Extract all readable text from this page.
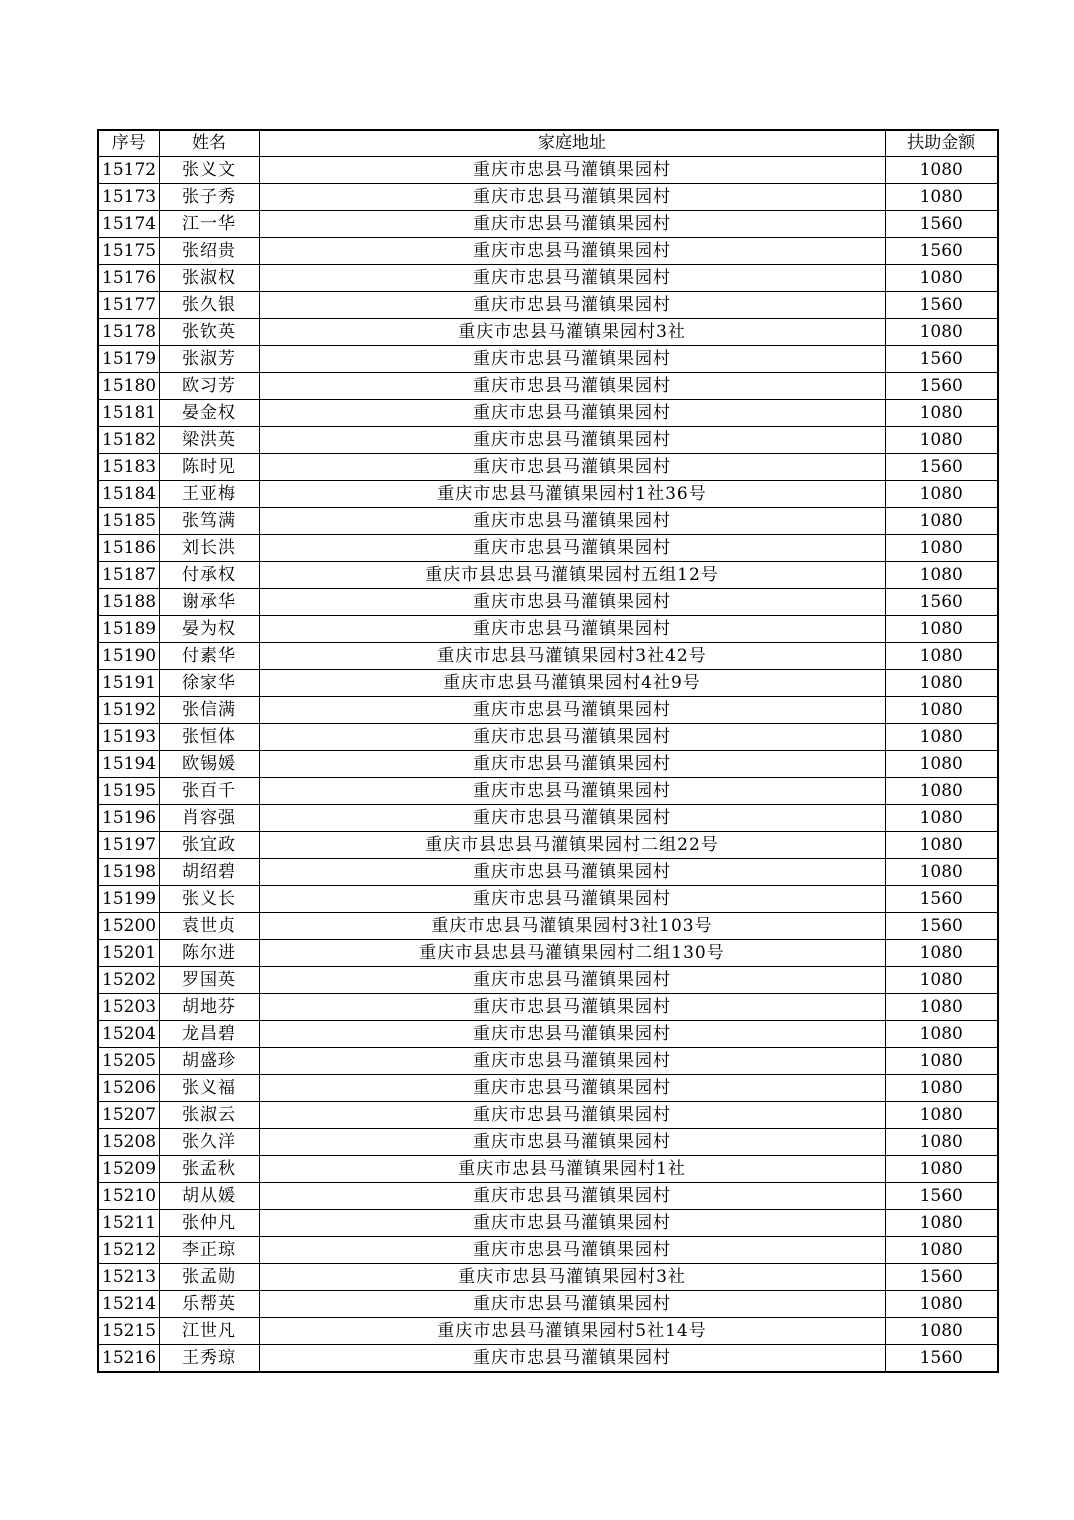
序号	姓名	家庭地址	扶助金额
15172	张义文	重庆市忠县马灌镇果园村	1080
15173	张子秀	重庆市忠县马灌镇果园村	1080
15174	江一华	重庆市忠县马灌镇果园村	1560
15175	张绍贵	重庆市忠县马灌镇果园村	1560
15176	张淑权	重庆市忠县马灌镇果园村	1080
15177	张久银	重庆市忠县马灌镇果园村	1560
15178	张钦英	重庆市忠县马灌镇果园村3社	1080
15179	张淑芳	重庆市忠县马灌镇果园村	1560
15180	欧习芳	重庆市忠县马灌镇果园村	1560
15181	晏金权	重庆市忠县马灌镇果园村	1080
15182	梁洪英	重庆市忠县马灌镇果园村	1080
15183	陈时见	重庆市忠县马灌镇果园村	1560
15184	王亚梅	重庆市忠县马灌镇果园村1社36号	1080
15185	张笃满	重庆市忠县马灌镇果园村	1080
15186	刘长洪	重庆市忠县马灌镇果园村	1080
15187	付承权	重庆市县忠县马灌镇果园村五组12号	1080
15188	谢承华	重庆市忠县马灌镇果园村	1560
15189	晏为权	重庆市忠县马灌镇果园村	1080
15190	付素华	重庆市忠县马灌镇果园村3社42号	1080
15191	徐家华	重庆市忠县马灌镇果园村4社9号	1080
15192	张信满	重庆市忠县马灌镇果园村	1080
15193	张恒体	重庆市忠县马灌镇果园村	1080
15194	欧锡媛	重庆市忠县马灌镇果园村	1080
15195	张百千	重庆市忠县马灌镇果园村	1080
15196	肖容强	重庆市忠县马灌镇果园村	1080
15197	张宜政	重庆市县忠县马灌镇果园村二组22号	1080
15198	胡绍碧	重庆市忠县马灌镇果园村	1080
15199	张义长	重庆市忠县马灌镇果园村	1560
15200	袁世贞	重庆市忠县马灌镇果园村3社103号	1560
15201	陈尔进	重庆市县忠县马灌镇果园村二组130号	1080
15202	罗国英	重庆市忠县马灌镇果园村	1080
15203	胡地芬	重庆市忠县马灌镇果园村	1080
15204	龙昌碧	重庆市忠县马灌镇果园村	1080
15205	胡盛珍	重庆市忠县马灌镇果园村	1080
15206	张义福	重庆市忠县马灌镇果园村	1080
15207	张淑云	重庆市忠县马灌镇果园村	1080
15208	张久洋	重庆市忠县马灌镇果园村	1080
15209	张孟秋	重庆市忠县马灌镇果园村1社	1080
15210	胡从媛	重庆市忠县马灌镇果园村	1560
15211	张仲凡	重庆市忠县马灌镇果园村	1080
15212	李正琼	重庆市忠县马灌镇果园村	1080
15213	张孟勋	重庆市忠县马灌镇果园村3社	1560
15214	乐帮英	重庆市忠县马灌镇果园村	1080
15215	江世凡	重庆市忠县马灌镇果园村5社14号	1080
15216	王秀琼	重庆市忠县马灌镇果园村	1560
